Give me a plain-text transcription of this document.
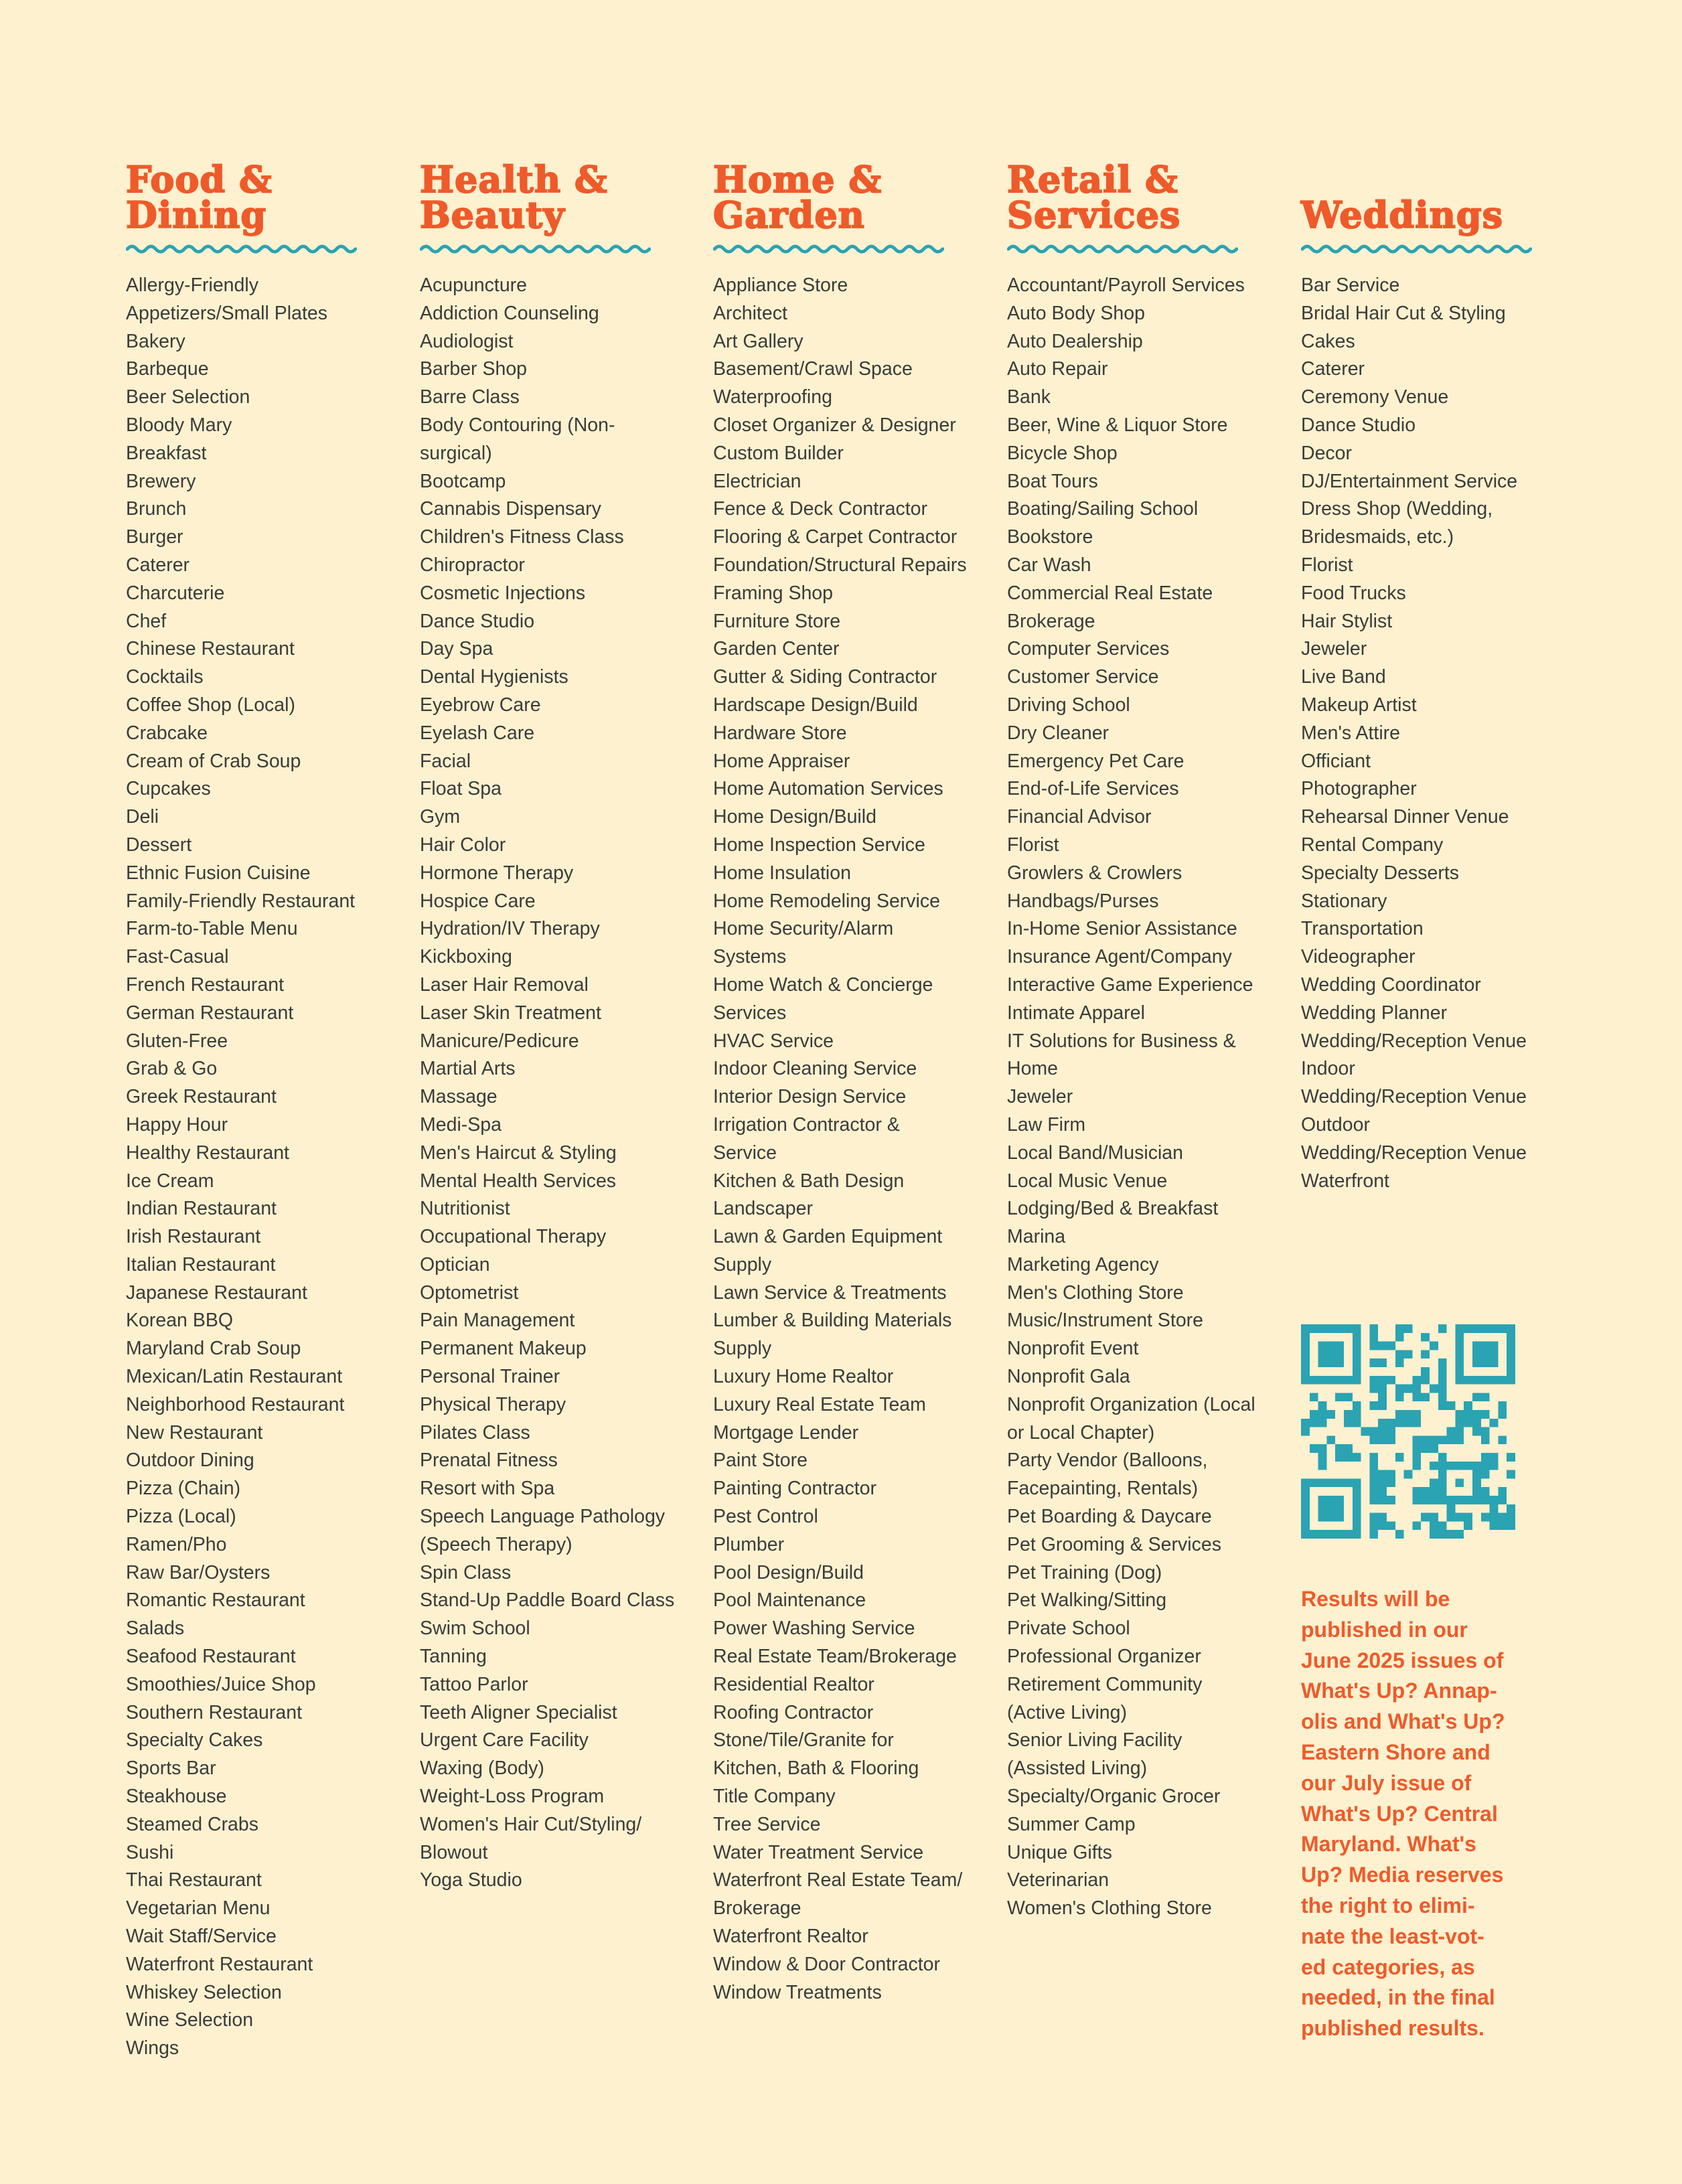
Food &
Dining
Allergy-Friendly
Appetizers/Small Plates
Bakery
Barbeque
Beer Selection
Bloody Mary
Breakfast
Brewery
Brunch
Burger
Caterer
Charcuterie
Chef
Chinese Restaurant
Cocktails
Coffee Shop (Local)
Crabcake
Cream of Crab Soup
Cupcakes
Deli
Dessert
Ethnic Fusion Cuisine
Family-Friendly Restaurant
Farm-to-Table Menu
Fast-Casual
French Restaurant
German Restaurant
Gluten-Free
Grab & Go
Greek Restaurant
Happy Hour
Healthy Restaurant
Ice Cream
Indian Restaurant
Irish Restaurant
Italian Restaurant
Japanese Restaurant
Korean BBQ
Maryland Crab Soup
Mexican/Latin Restaurant
Neighborhood Restaurant
New Restaurant
Outdoor Dining
Pizza (Chain)
Pizza (Local)
Ramen/Pho
Raw Bar/Oysters
Romantic Restaurant
Salads
Seafood Restaurant
Smoothies/Juice Shop
Southern Restaurant
Specialty Cakes
Sports Bar
Steakhouse
Steamed Crabs
Sushi
Thai Restaurant
Vegetarian Menu
Wait Staff/Service
Waterfront Restaurant
Whiskey Selection
Wine Selection
Wings
Health &
Beauty
Acupuncture
Addiction Counseling
Audiologist
Barber Shop
Barre Class
Body Contouring (Non-
surgical)
Bootcamp
Cannabis Dispensary
Children's Fitness Class
Chiropractor
Cosmetic Injections
Dance Studio
Day Spa
Dental Hygienists
Eyebrow Care
Eyelash Care
Facial
Float Spa
Gym
Hair Color
Hormone Therapy
Hospice Care
Hydration/IV Therapy
Kickboxing
Laser Hair Removal
Laser Skin Treatment
Manicure/Pedicure
Martial Arts
Massage
Medi-Spa
Men's Haircut & Styling
Mental Health Services
Nutritionist
Occupational Therapy
Optician
Optometrist
Pain Management
Permanent Makeup
Personal Trainer
Physical Therapy
Pilates Class
Prenatal Fitness
Resort with Spa
Speech Language Pathology
(Speech Therapy)
Spin Class
Stand-Up Paddle Board Class
Swim School
Tanning
Tattoo Parlor
Teeth Aligner Specialist
Urgent Care Facility
Waxing (Body)
Weight-Loss Program
Women's Hair Cut/Styling/
Blowout
Yoga Studio
Home &
Garden
Appliance Store
Architect
Art Gallery
Basement/Crawl Space
Waterproofing
Closet Organizer & Designer
Custom Builder
Electrician
Fence & Deck Contractor
Flooring & Carpet Contractor
Foundation/Structural Repairs
Framing Shop
Furniture Store
Garden Center
Gutter & Siding Contractor
Hardscape Design/Build
Hardware Store
Home Appraiser
Home Automation Services
Home Design/Build
Home Inspection Service
Home Insulation
Home Remodeling Service
Home Security/Alarm
Systems
Home Watch & Concierge
Services
HVAC Service
Indoor Cleaning Service
Interior Design Service
Irrigation Contractor &
Service
Kitchen & Bath Design
Landscaper
Lawn & Garden Equipment
Supply
Lawn Service & Treatments
Lumber & Building Materials
Supply
Luxury Home Realtor
Luxury Real Estate Team
Mortgage Lender
Paint Store
Painting Contractor
Pest Control
Plumber
Pool Design/Build
Pool Maintenance
Power Washing Service
Real Estate Team/Brokerage
Residential Realtor
Roofing Contractor
Stone/Tile/Granite for
Kitchen, Bath & Flooring
Title Company
Tree Service
Water Treatment Service
Waterfront Real Estate Team/
Brokerage
Waterfront Realtor
Window & Door Contractor
Window Treatments
Retail &
Services
Accountant/Payroll Services
Auto Body Shop
Auto Dealership
Auto Repair
Bank
Beer, Wine & Liquor Store
Bicycle Shop
Boat Tours
Boating/Sailing School
Bookstore
Car Wash
Commercial Real Estate
Brokerage
Computer Services
Customer Service
Driving School
Dry Cleaner
Emergency Pet Care
End-of-Life Services
Financial Advisor
Florist
Growlers & Crowlers
Handbags/Purses
In-Home Senior Assistance
Insurance Agent/Company
Interactive Game Experience
Intimate Apparel
IT Solutions for Business &
Home
Jeweler
Law Firm
Local Band/Musician
Local Music Venue
Lodging/Bed & Breakfast
Marina
Marketing Agency
Men's Clothing Store
Music/Instrument Store
Nonprofit Event
Nonprofit Gala
Nonprofit Organization (Local
or Local Chapter)
Party Vendor (Balloons,
Facepainting, Rentals)
Pet Boarding & Daycare
Pet Grooming & Services
Pet Training (Dog)
Pet Walking/Sitting
Private School
Professional Organizer
Retirement Community
(Active Living)
Senior Living Facility
(Assisted Living)
Specialty/Organic Grocer
Summer Camp
Unique Gifts
Veterinarian
Women's Clothing Store
Weddings
Bar Service
Bridal Hair Cut & Styling
Cakes
Caterer
Ceremony Venue
Dance Studio
Decor
DJ/Entertainment Service
Dress Shop (Wedding,
Bridesmaids, etc.)
Florist
Food Trucks
Hair Stylist
Jeweler
Live Band
Makeup Artist
Men's Attire
Officiant
Photographer
Rehearsal Dinner Venue
Rental Company
Specialty Desserts
Stationary
Transportation
Videographer
Wedding Coordinator
Wedding Planner
Wedding/Reception Venue
Indoor
Wedding/Reception Venue
Outdoor
Wedding/Reception Venue
Waterfront
Results will be
published in our
June 2025 issues of
What's Up? Annap-
olis and What's Up?
Eastern Shore and
our July issue of
What's Up? Central
Maryland. What's
Up? Media reserves
the right to elimi-
nate the least-vot-
ed categories, as
needed, in the final
published results.
